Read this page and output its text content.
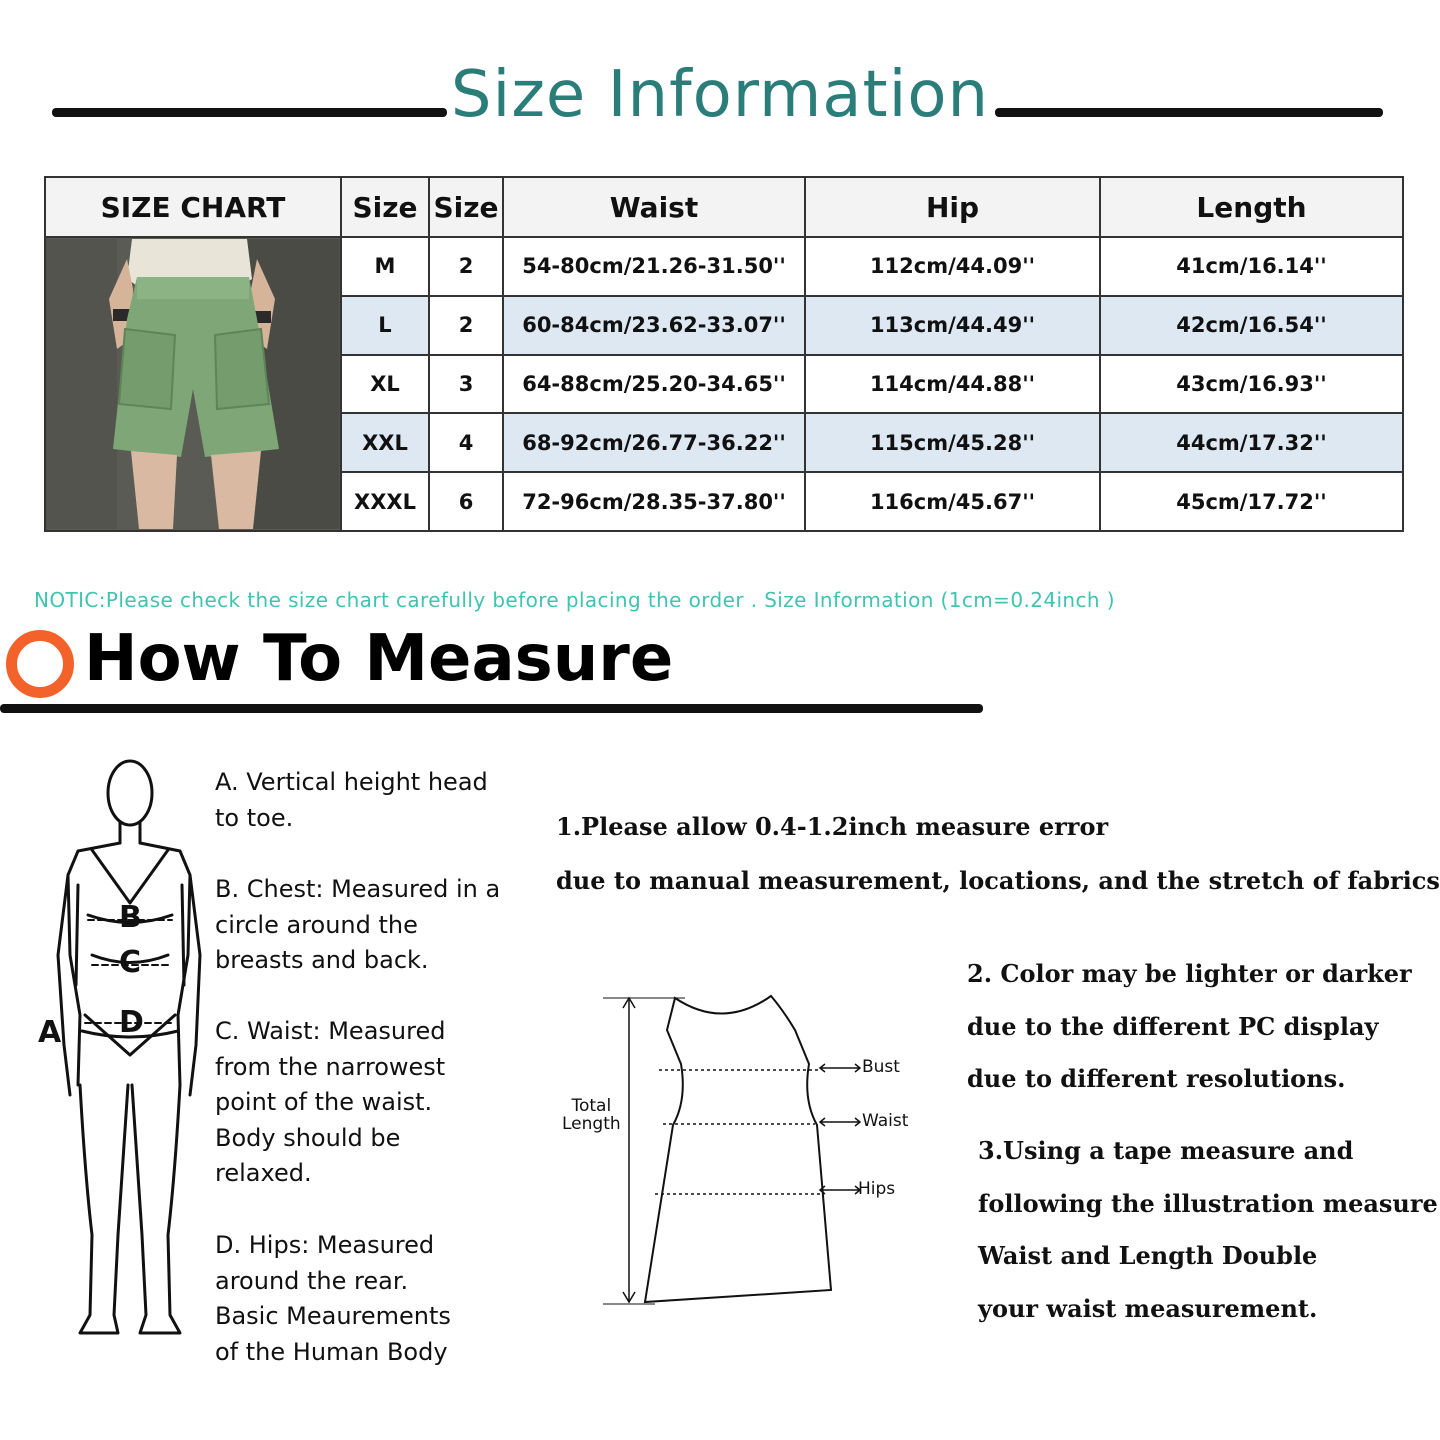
Size Information
SIZE CHART	Size	Size	Waist	Hip	Length

	M	2	54-80cm/21.26-31.50''	112cm/44.09''	41cm/16.14''
	L	2	60-84cm/23.62-33.07''	113cm/44.49''	42cm/16.54''
	XL	3	64-88cm/25.20-34.65''	114cm/44.88''	43cm/16.93''
	XXL	4	68-92cm/26.77-36.22''	115cm/45.28''	44cm/17.32''
	XXXL	6	72-96cm/28.35-37.80''	116cm/45.67''	45cm/17.72''
NOTIC:Please check the size chart carefully before placing the order . Size Information (1cm=0.24inch )
How To Measure
A
B
C
D
A. Vertical height head
to toe.
B. Chest: Measured in a
circle around the
breasts and back.
C. Waist: Measured
from the narrowest
point of the waist.
Body should be
relaxed.
D. Hips: Measured
around the rear.
Basic Meaurements
of the Human Body
Total
Length
Bust
Waist
Hips
1.Please allow 0.4-1.2inch measure error
due to manual measurement, locations, and the stretch of fabrics
2. Color may be lighter or darker
due to the different PC display
due to different resolutions.
3.Using a tape measure and
following the illustration measure
Waist and Length Double
your waist measurement.
